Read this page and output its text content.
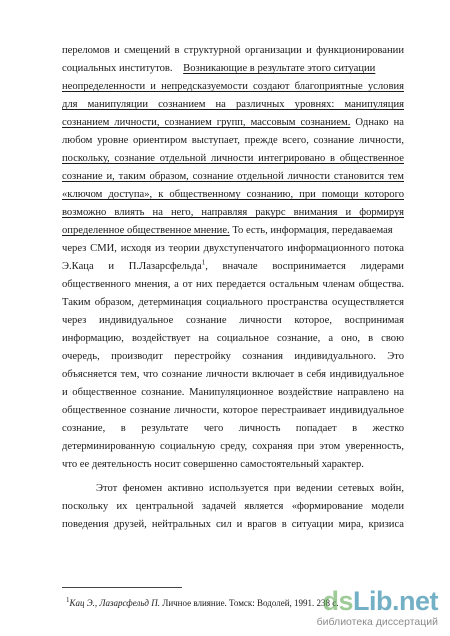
переломов и смещений в структурной организации и функционировании
социальных институтов. Возникающие в результате этого ситуации
неопределенности и непредсказуемости создают благоприятные условия
для манипуляции сознанием на различных уровнях: манипуляция
сознанием личности, сознанием групп, массовым сознанием. Однако на
любом уровне ориентиром выступает, прежде всего, сознание личности,
поскольку, сознание отдельной личности интегрировано в общественное
сознание и, таким образом, сознание отдельной личности становится тем
«ключом доступа», к общественному сознанию, при помощи которого
возможно влиять на него, направляя ракурс внимания и формируя
определенное общественное мнение. То есть, информация, передаваемая
через СМИ, исходя из теории двухступенчатого информационного потока
Э.Каца и П.Лазарсфельда$^1$, вначале воспринимается лидерами
общественного мнения, а от них передается остальным членам общества.
Таким образом, детерминация социального пространства осуществляется
через индивидуальное сознание личности которое, воспринимая
информацию, воздействует на социальное сознание, а оно, в свою
очередь, производит перестройку сознания индивидуального. Это
объясняется тем, что сознание личности включает в себя индивидуальное
и общественное сознание. Манипуляционное воздействие направлено на
общественное сознание личности, которое перестраивает индивидуальное
сознание, в результате чего личность попадает в жестко
детерминированную социальную среду, сохраняя при этом уверенность,
что ее деятельность носит совершенно самостоятельный характер.
Этот феномен активно используется при ведении сетевых войн,
поскольку их центральной задачей является «формирование модели
поведения друзей, нейтральных сил и врагов в ситуации мира, кризиса
$^1$Кац Э., Лазарсфельд П. Личное влияние. Томск: Водолей, 1991. 238 с.
dsLib.net
библиотека диссертаций
